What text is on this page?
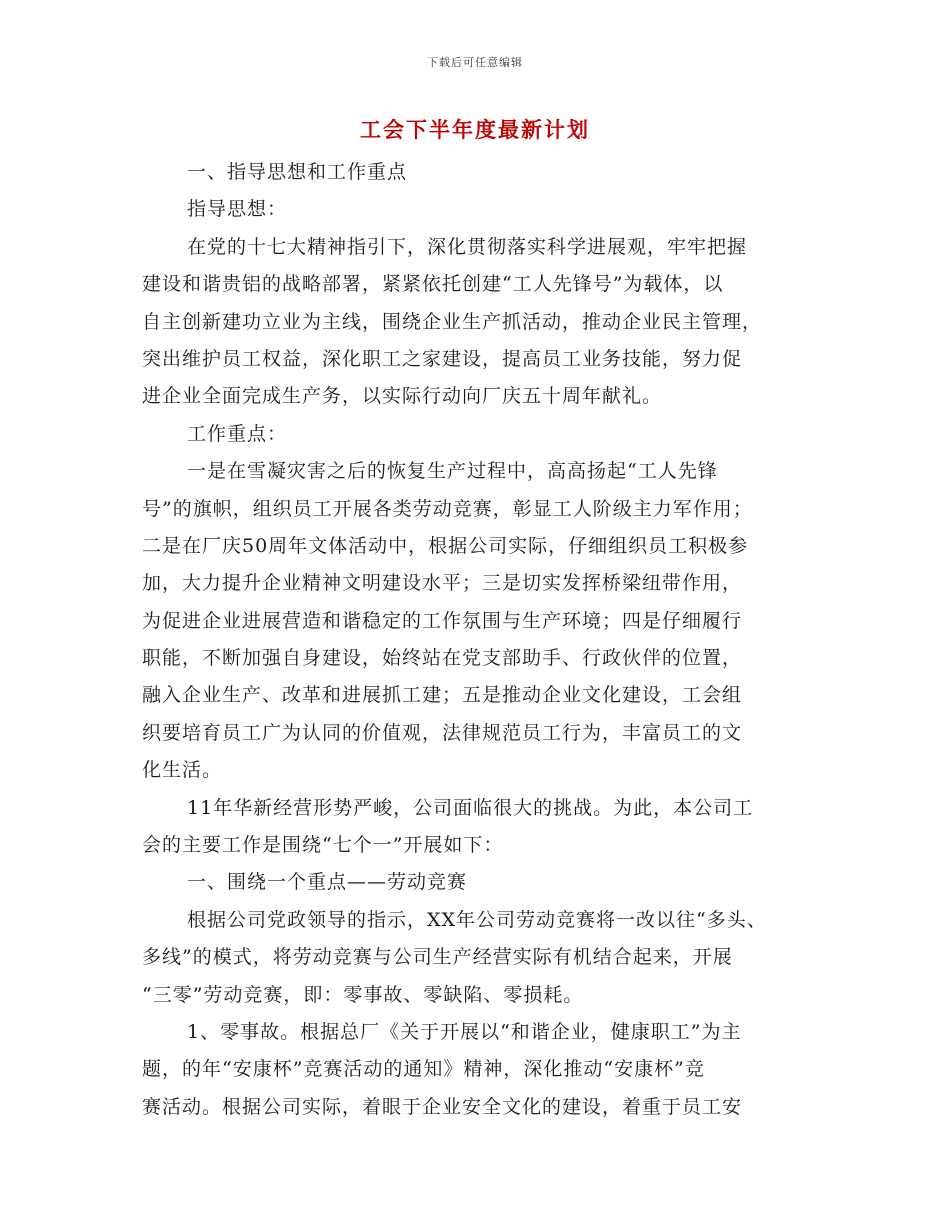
下载后可任意编辑
工会下半年度最新计划
一、指导思想和工作重点
指导思想：
在党的十七大精神指引下，深化贯彻落实科学进展观，牢牢把握
建设和谐贵铝的战略部署，紧紧依托创建“工人先锋号”为载体，以
自主创新建功立业为主线，围绕企业生产抓活动，推动企业民主管理，
突出维护员工权益，深化职工之家建设，提高员工业务技能，努力促
进企业全面完成生产务，以实际行动向厂庆五十周年献礼。
工作重点：
一是在雪凝灾害之后的恢复生产过程中，高高扬起“工人先锋
号”的旗帜，组织员工开展各类劳动竞赛，彰显工人阶级主力军作用；
二是在厂庆50周年文体活动中，根据公司实际，仔细组织员工积极参
加，大力提升企业精神文明建设水平；三是切实发挥桥梁纽带作用，
为促进企业进展营造和谐稳定的工作氛围与生产环境；四是仔细履行
职能，不断加强自身建设，始终站在党支部助手、行政伙伴的位置，
融入企业生产、改革和进展抓工建；五是推动企业文化建设，工会组
织要培育员工广为认同的价值观，法律规范员工行为，丰富员工的文
化生活。
11年华新经营形势严峻，公司面临很大的挑战。为此，本公司工
会的主要工作是围绕“七个一”开展如下：
一、围绕一个重点——劳动竞赛
根据公司党政领导的指示，XX年公司劳动竞赛将一改以往“多头、
多线”的模式，将劳动竞赛与公司生产经营实际有机结合起来，开展
“三零”劳动竞赛，即：零事故、零缺陷、零损耗。
1、零事故。根据总厂《关于开展以“和谐企业，健康职工”为主
题，的年“安康杯”竞赛活动的通知》精神，深化推动“安康杯”竞
赛活动。根据公司实际，着眼于企业安全文化的建设，着重于员工安
